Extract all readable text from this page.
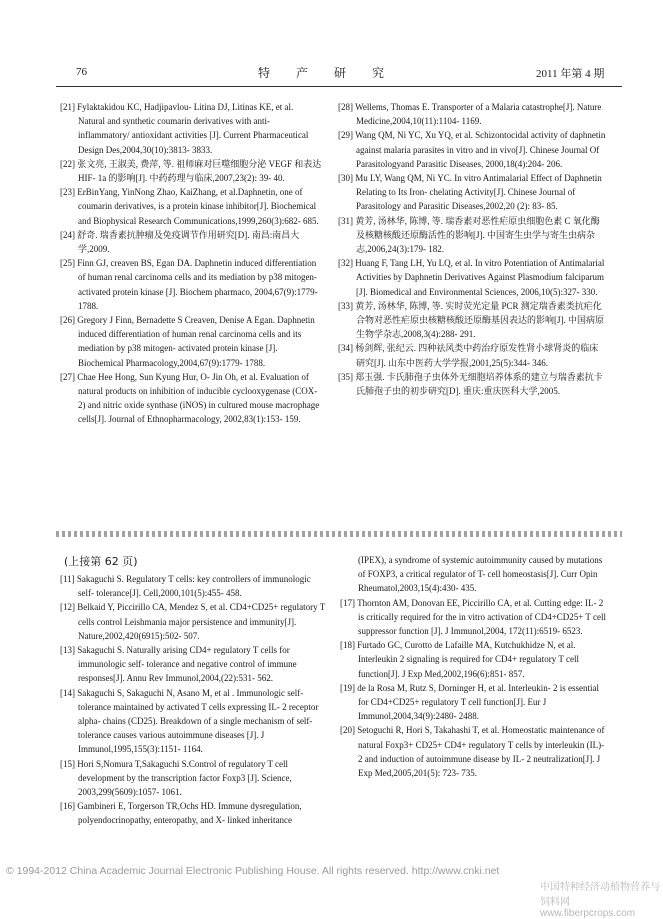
76	特产研究	2011 年第 4 期
[21] Fylaktakidou KC, Hadjipavlou- Litina DJ, Litinas KE, et al. Natural and synthetic coumarin derivatives with anti- inflammatory/ antioxidant activities [J]. Current Pharmaceutical Design Des,2004,30(10):3813- 3833.
[22] 张文亮, 王淑美, 费萍, 等. 祖师麻对巨噬细胞分泌 VEGF 和表达 HIF- 1a 的影响[J]. 中药药理与临床,2007,23(2): 39- 40.
[23] ErBinYang, YinNong Zhao, KaiZhang, et al.Daphnetin, one of coumarin derivatives, is a protein kinase inhibitor[J]. Biochemical and Biophysical Research Communications,1999,260(3):682- 685.
[24] 舒奇. 瑞香素抗肿瘤及免疫调节作用研究[D]. 南昌:南昌大学,2009.
[25] Finn GJ, creaven BS, Egan DA. Daphnetin induced differentiation of human renal carcinoma cells and its mediation by p38 mitogen- activated protein kinase [J]. Biochem pharmaco, 2004,67(9):1779- 1788.
[26] Gregory J Finn, Bernadette S Creaven, Denise A Egan. Daphnetin induced differentiation of human renal carcinoma cells and its mediation by p38 mitogen- activated protein kinase [J]. Biochemical Pharmacology,2004,67(9):1779- 1788.
[27] Chae Hee Hong, Sun Kyung Hur, O- Jin Oh, et al. Evaluation of natural products on inhibition of inducible cyclooxygenase (COX- 2) and nitric oxide synthase (iNOS) in cultured mouse macrophage cells[J]. Journal of Ethnopharmacology, 2002,83(1):153- 159.
[28] Wellems, Thomas E. Transporter of a Malaria catastrophe[J]. Nature Medicine,2004,10(11):1104- 1169.
[29] Wang QM, Ni YC, Xu YQ, et al. Schizontocidal activity of daphnetin against malaria parasites in vitro and in vivo[J]. Chinese Journal Of Parasitologyand Parasitic Diseases, 2000,18(4):204- 206.
[30] Mu LY, Wang QM, Ni YC. In vitro Antimalarial Effect of Daphnetin Relating to Its Iron- chelating Activity[J]. Chinese Journal of Parasitology and Parasitic Diseases,2002,20 (2): 83- 85.
[31] 黄芳, 汤林华, 陈博, 等. 瑞香素对恶性疟原虫细胞色素 C 氧化酶及核糖核酸还原酶活性的影响[J]. 中国寄生虫学与寄生虫病杂志,2006,24(3):179- 182.
[32] Huang F, Tang LH, Yu LQ, et al. In vitro Potentiation of Antimalarial Activities by Daphnetin Derivatives Against Plasmodium falciparum [J]. Biomedical and Environmental Sciences, 2006,10(5):327- 330.
[33] 黄芳, 汤林华, 陈博, 等. 实时荧光定量 PCR 测定瑞香素类抗疟化合物对恶性疟原虫核糖核酸还原酶基因表达的影响[J]. 中国病原生物学杂志,2008,3(4):288- 291.
[34] 杨剑辉, 张纪云. 四种祛风类中药治疗原发性肾小球肾炎的临床研究[J]. 山东中医药大学学报,2001,25(5):344- 346.
[35] 郑玉强. 卡氏肺孢子虫体外无细胞培养体系的建立与瑞香素抗卡氏肺孢子虫的初步研究[D]. 重庆:重庆医科大学,2005.
(上接第 62 页)
[11] Sakaguchi S. Regulatory T cells: key controllers of immunologic self- tolerance[J]. Cell,2000,101(5):455- 458.
[12] Belkaid Y, Piccirillo CA, Mendez S, et al. CD4+CD25+ regulatory T cells control Leishmania major persistence and immunity[J]. Nature,2002,420(6915):502- 507.
[13] Sakaguchi S. Naturally arising CD4+ regulatory T cells for immunologic self- tolerance and negative control of immune responses[J]. Annu Rev Immunol,2004,(22):531- 562.
[14] Sakaguchi S, Sakaguchi N, Asano M, et al . Immunologic self- tolerance maintained by activated T cells expressing IL- 2 receptor alpha- chains (CD25). Breakdown of a single mechanism of self- tolerance causes various autoimmune diseases [J]. J Immunol,1995,155(3):1151- 1164.
[15] Hori S,Nomura T,Sakaguchi S.Control of regulatory T cell development by the transcription factor Foxp3 [J]. Science, 2003,299(5609):1057- 1061.
[16] Gambineri E, Torgerson TR,Ochs HD. Immune dysregulation, polyendocrinopathy, enteropathy, and X- linked inheritance
(IPEX), a syndrome of systemic autoimmunity caused by mutations of FOXP3, a critical regulator of T- cell homeostasis[J]. Curr Opin Rheumatol,2003,15(4):430- 435.
[17] Thornton AM, Donovan EE, Piccirillo CA, et al. Cutting edge: IL- 2 is critically required for the in vitro activation of CD4+CD25+ T cell suppressor function [J]. J Immunol,2004, 172(11):6519- 6523.
[18] Furtado GC, Curotto de Lafaille MA, Kutchukhidze N, et al. Interleukin 2 signaling is required for CD4+ regulatory T cell function[J]. J Exp Med,2002,196(6):851- 857.
[19] de la Rosa M, Rutz S, Dorninger H, et al. Interleukin- 2 is essential for CD4+CD25+ regulatory T cell function[J]. Eur J Immunol,2004,34(9):2480- 2488.
[20] Setoguchi R, Hori S, Takahashi T, et al. Homeostatic maintenance of natural Foxp3+ CD25+ CD4+ regulatory T cells by interleukin (IL)- 2 and induction of autoimmune disease by IL- 2 neutralization[J]. J Exp Med,2005,201(5): 723- 735.
© 1994-2012 China Academic Journal Electronic Publishing House. All rights reserved. http://www.cnki.net
中国特种经济动植物营养与饲料网 www.fiberpcrops.com
